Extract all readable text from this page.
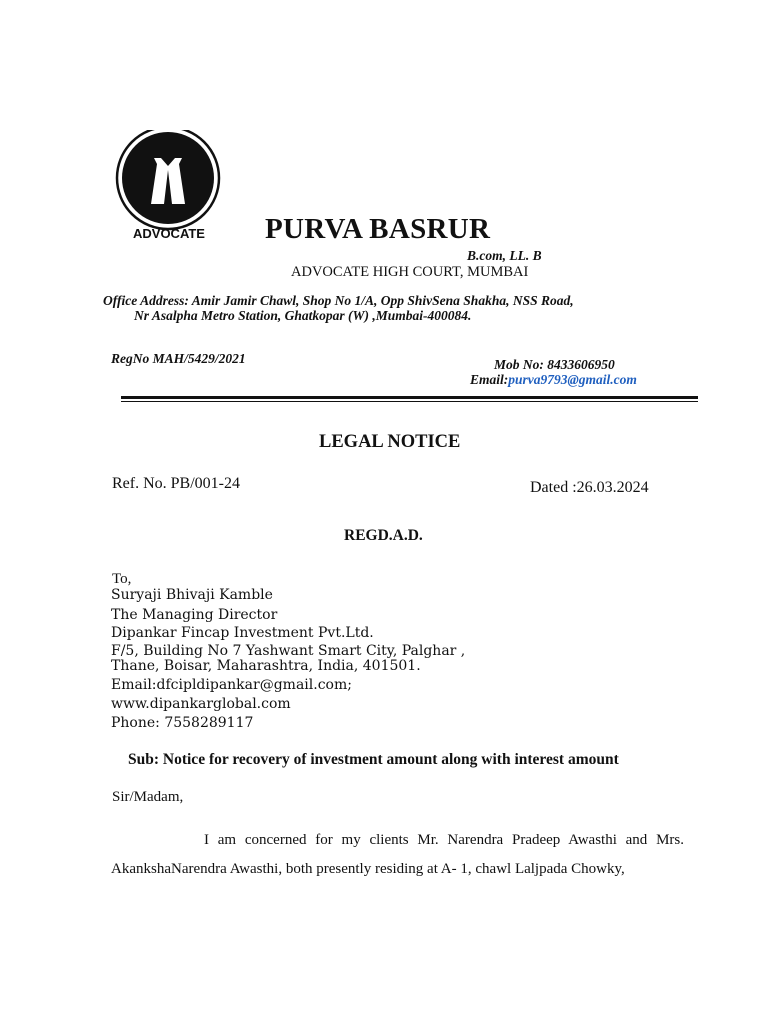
ADVOCATE PURVA BASRUR
B.com, LL. B
ADVOCATE HIGH COURT, MUMBAI
Office Address: Amir Jamir Chawl, Shop No 1/A, Opp ShivSena Shakha, NSS Road,
Nr Asalpha Metro Station, Ghatkopar (W) ,Mumbai-400084.
RegNo MAH/5429/2021	Mob No: 8433606950
Email:purva9793@gmail.com
LEGAL NOTICE
Ref. No. PB/001-24	Dated :26.03.2024
REGD.A.D.
To,
Suryaji Bhivaji Kamble
The Managing Director
Dipankar Fincap Investment Pvt.Ltd.
F/5, Building No 7 Yashwant Smart City, Palghar ,
Thane, Boisar, Maharashtra, India, 401501.
Email:dfcipldipankar@gmail.com;
www.dipankarglobal.com
Phone: 7558289117
Sub: Notice for recovery of investment amount along with interest amount
Sir/Madam,
I am concerned for my clients Mr. Narendra Pradeep Awasthi and Mrs.
AkankshaNarendra Awasthi, both presently residing at A- 1, chawl Laljpada Chowky,
